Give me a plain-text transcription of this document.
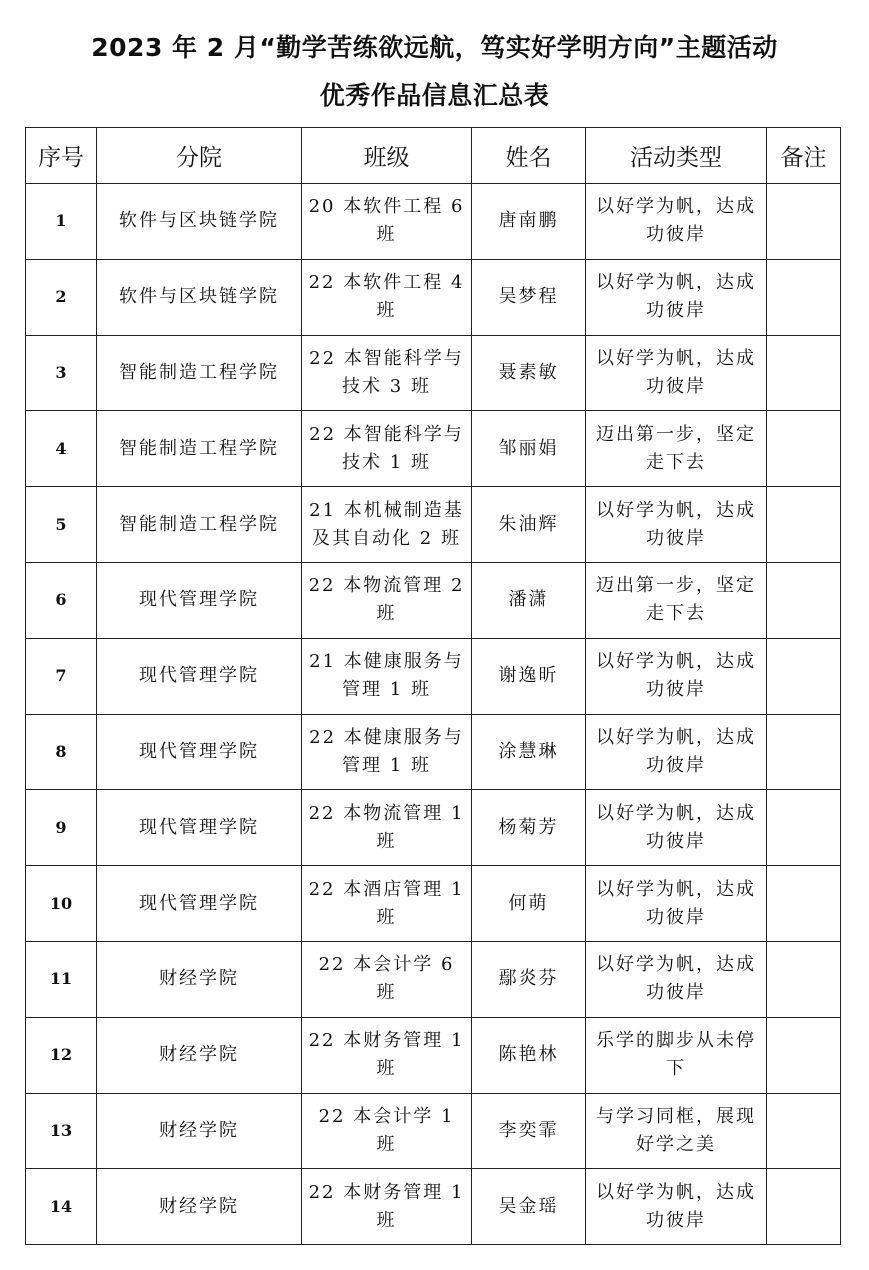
2023 年 2 月“勤学苦练欲远航，笃实好学明方向”主题活动
优秀作品信息汇总表
序号	分院	班级	姓名	活动类型	备注
1	软件与区块链学院	20 本软件工程 6 班	唐南鹏	以好学为帆，达成功彼岸	
2	软件与区块链学院	22 本软件工程 4 班	吴梦程	以好学为帆，达成功彼岸	
3	智能制造工程学院	22 本智能科学与技术 3 班	聂素敏	以好学为帆，达成功彼岸	
4	智能制造工程学院	22 本智能科学与技术 1 班	邹丽娟	迈出第一步，坚定走下去	
5	智能制造工程学院	21 本机械制造基及其自动化 2 班	朱油辉	以好学为帆，达成功彼岸	
6	现代管理学院	22 本物流管理 2 班	潘潇	迈出第一步，坚定走下去	
7	现代管理学院	21 本健康服务与管理 1 班	谢逸昕	以好学为帆，达成功彼岸	
8	现代管理学院	22 本健康服务与管理 1 班	涂慧琳	以好学为帆，达成功彼岸	
9	现代管理学院	22 本物流管理 1 班	杨菊芳	以好学为帆，达成功彼岸	
10	现代管理学院	22 本酒店管理 1 班	何萌	以好学为帆，达成功彼岸	
11	财经学院	22 本会计学 6 班	鄢炎芬	以好学为帆，达成功彼岸	
12	财经学院	22 本财务管理 1 班	陈艳林	乐学的脚步从未停下	
13	财经学院	22 本会计学 1 班	李奕霏	与学习同框，展现好学之美	
14	财经学院	22 本财务管理 1 班	吴金瑶	以好学为帆，达成功彼岸	
